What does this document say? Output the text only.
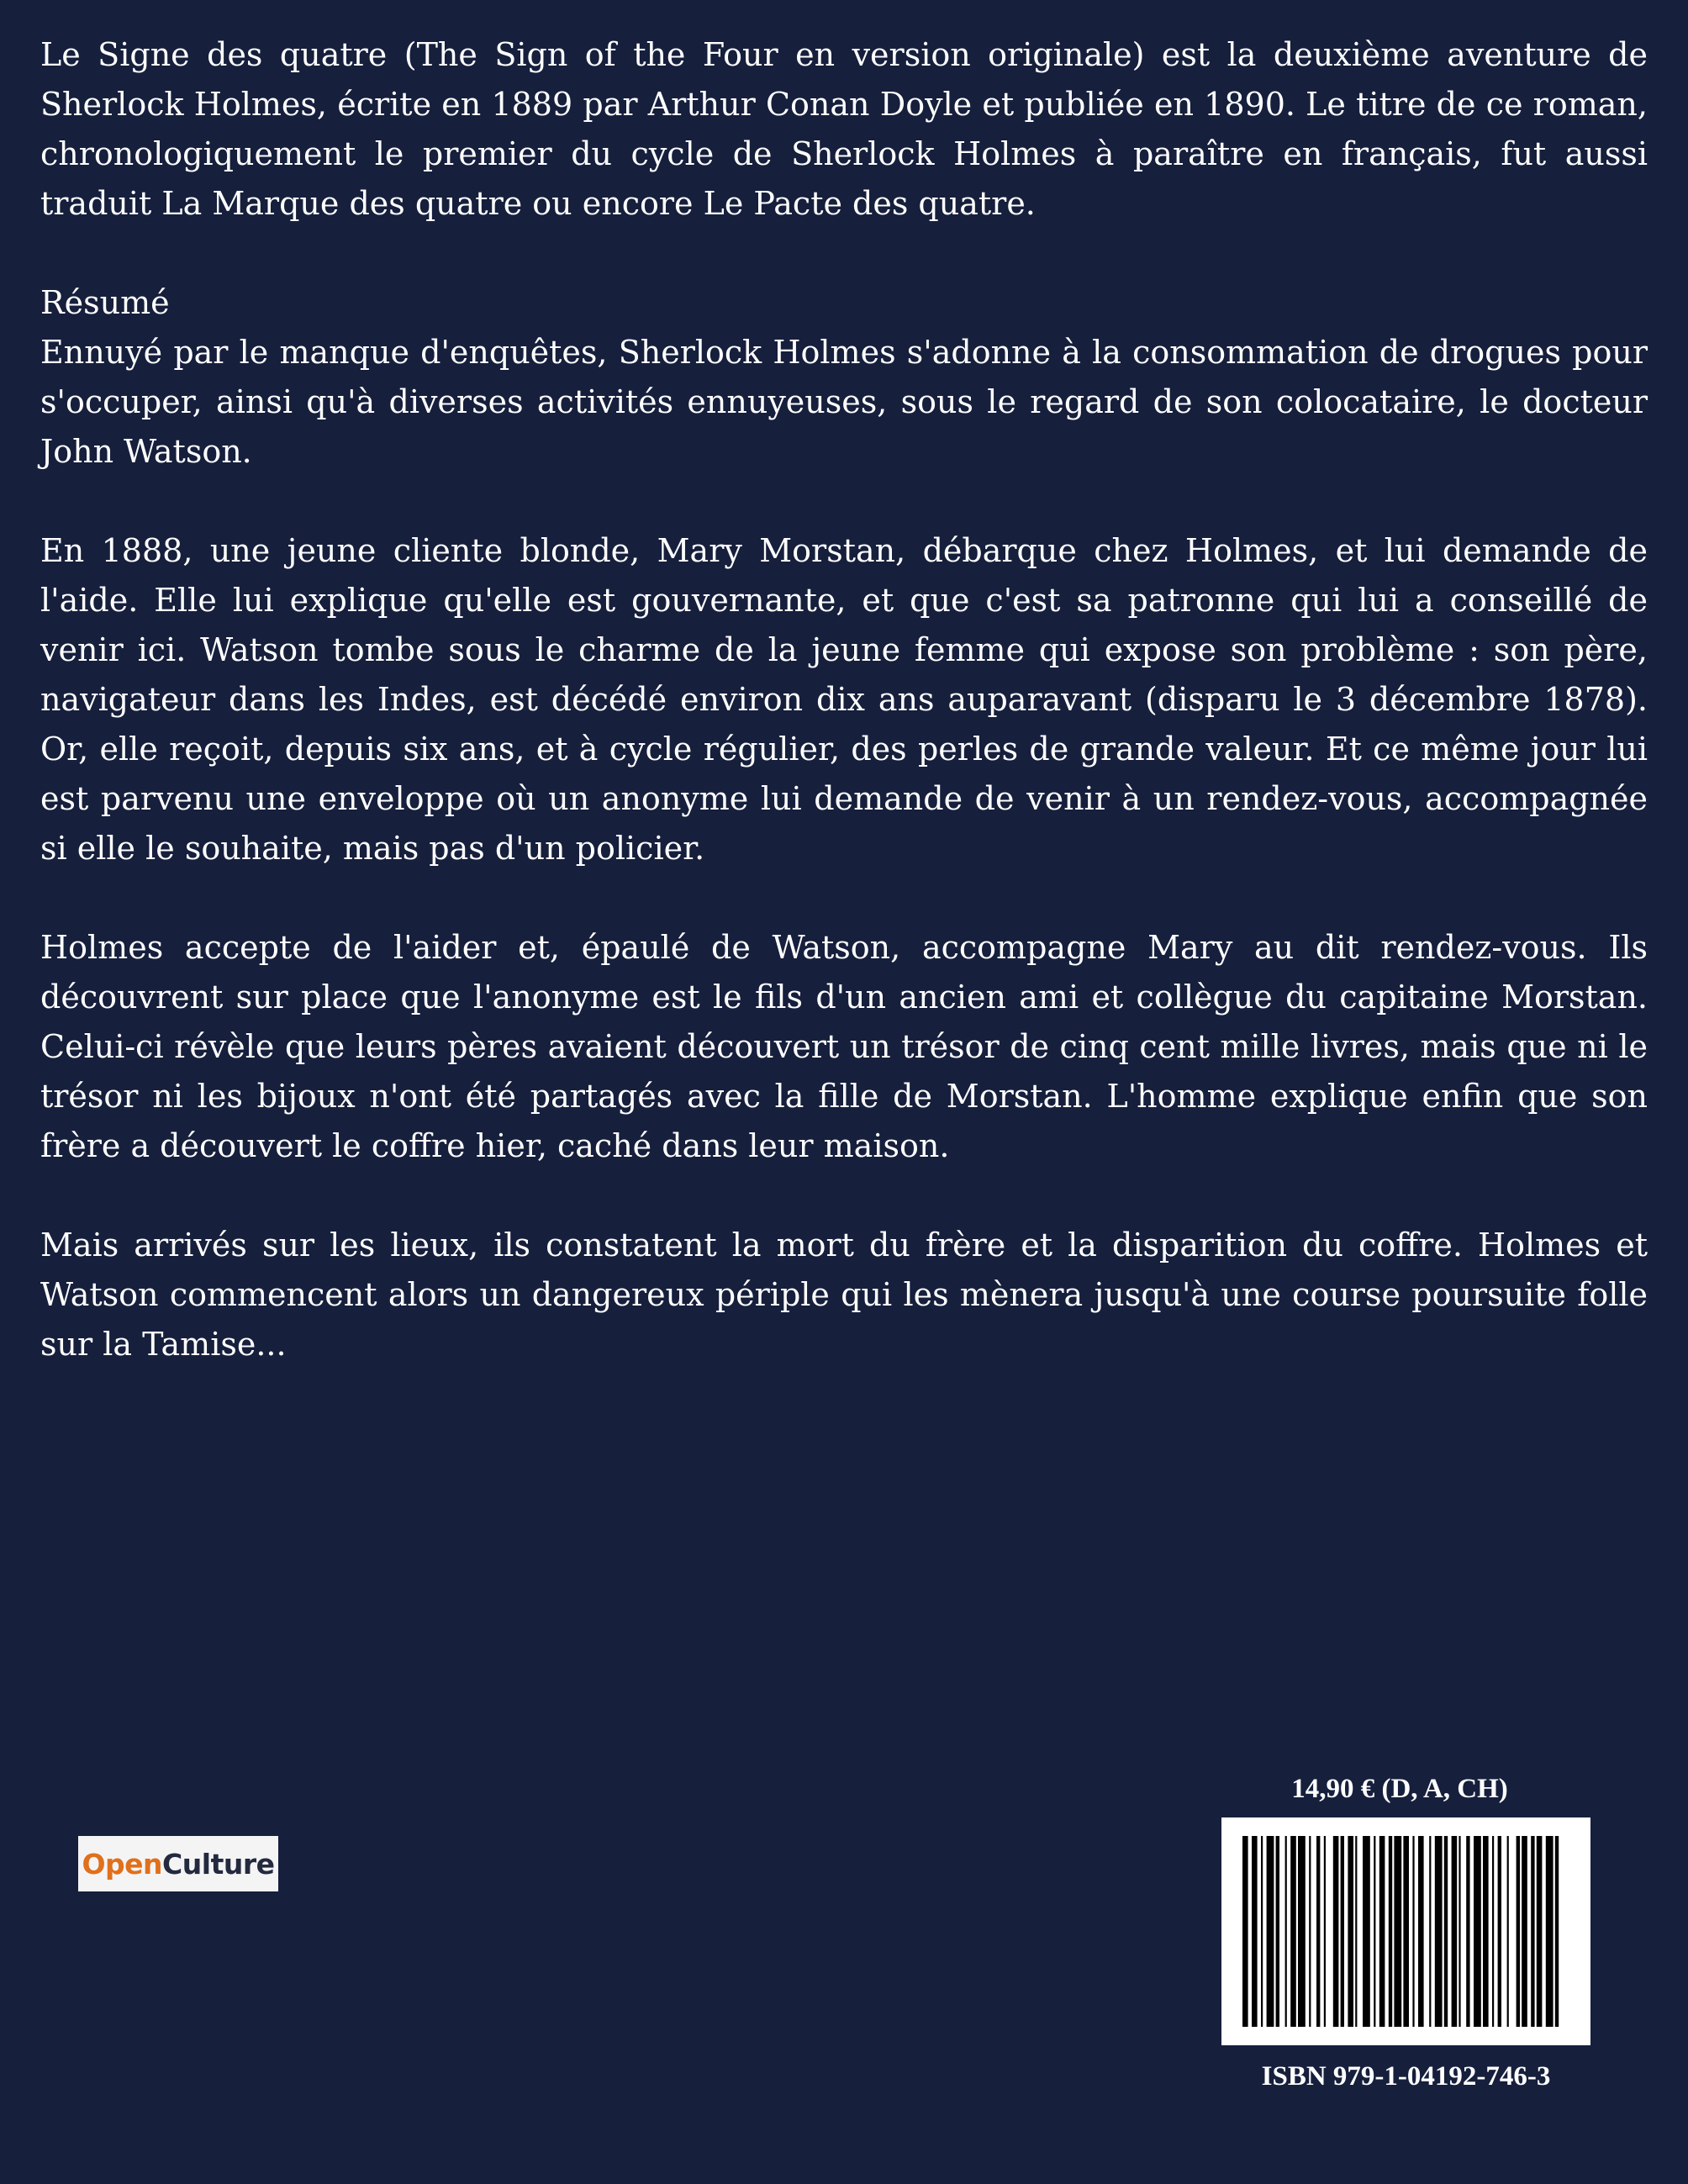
Le Signe des quatre (The Sign of the Four en version originale) est la deuxième aventure de Sherlock Holmes, écrite en 1889 par Arthur Conan Doyle et publiée en 1890. Le titre de ce roman, chronologiquement le premier du cycle de Sherlock Holmes à paraître en français, fut aussi traduit La Marque des quatre ou encore Le Pacte des quatre.

Résumé
Ennuyé par le manque d'enquêtes, Sherlock Holmes s'adonne à la consommation de drogues pour s'occuper, ainsi qu'à diverses activités ennuyeuses, sous le regard de son colocataire, le docteur John Watson.

En 1888, une jeune cliente blonde, Mary Morstan, débarque chez Holmes, et lui demande de l'aide. Elle lui explique qu'elle est gouvernante, et que c'est sa patronne qui lui a conseillé de venir ici. Watson tombe sous le charme de la jeune femme qui expose son problème : son père, navigateur dans les Indes, est décédé environ dix ans auparavant (disparu le 3 décembre 1878). Or, elle reçoit, depuis six ans, et à cycle régulier, des perles de grande valeur. Et ce même jour lui est parvenu une enveloppe où un anonyme lui demande de venir à un rendez-vous, accompagnée si elle le souhaite, mais pas d'un policier.

Holmes accepte de l'aider et, épaulé de Watson, accompagne Mary au dit rendez-vous. Ils découvrent sur place que l'anonyme est le fils d'un ancien ami et collègue du capitaine Morstan. Celui-ci révèle que leurs pères avaient découvert un trésor de cinq cent mille livres, mais que ni le trésor ni les bijoux n'ont été partagés avec la fille de Morstan. L'homme explique enfin que son frère a découvert le coffre hier, caché dans leur maison.

Mais arrivés sur les lieux, ils constatent la mort du frère et la disparition du coffre. Holmes et Watson commencent alors un dangereux périple qui les mènera jusqu'à une course poursuite folle sur la Tamise...

Open Culture
14,90 € (D, A, CH)
ISBN 979-1-04192-746-3
